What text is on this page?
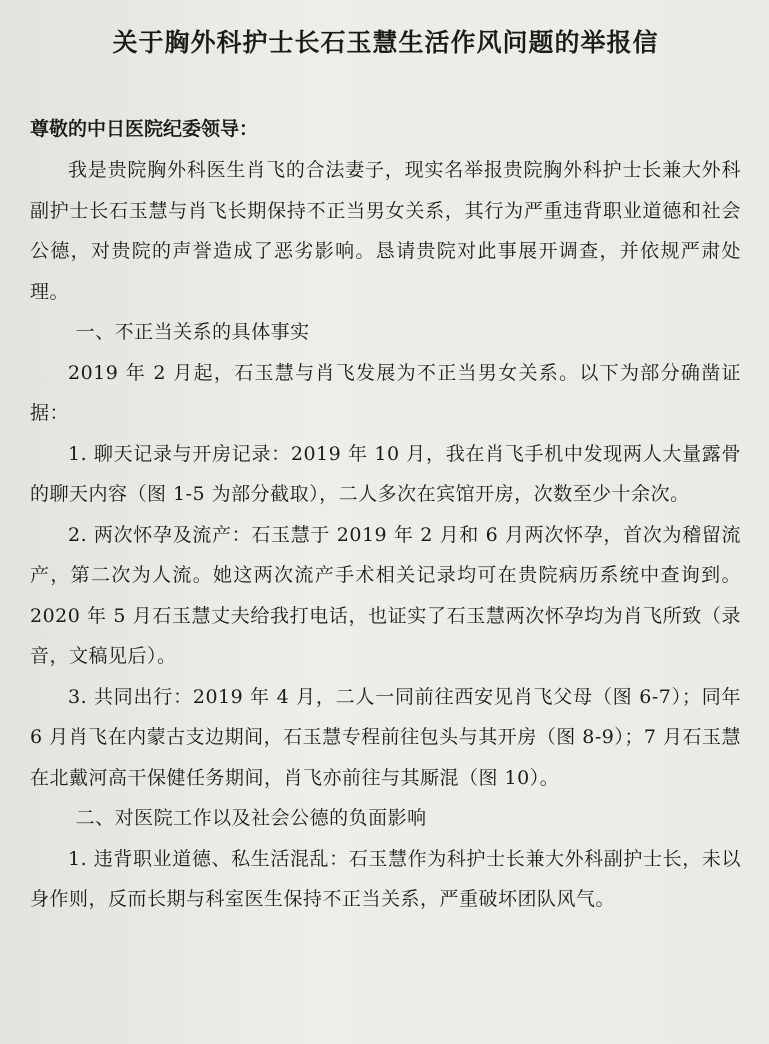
关于胸外科护士长石玉慧生活作风问题的举报信

尊敬的中日医院纪委领导：

我是贵院胸外科医生肖飞的合法妻子，现实名举报贵院胸外科护士长兼大外科副护士长石玉慧与肖飞长期保持不正当男女关系，其行为严重违背职业道德和社会公德，对贵院的声誉造成了恶劣影响。恳请贵院对此事展开调查，并依规严肃处理。

一、不正当关系的具体事实

2019 年 2 月起，石玉慧与肖飞发展为不正当男女关系。以下为部分确凿证据：

1. 聊天记录与开房记录：2019 年 10 月，我在肖飞手机中发现两人大量露骨的聊天内容（图 1-5 为部分截取），二人多次在宾馆开房，次数至少十余次。

2. 两次怀孕及流产：石玉慧于 2019 年 2 月和 6 月两次怀孕，首次为稽留流产，第二次为人流。她这两次流产手术相关记录均可在贵院病历系统中查询到。2020 年 5 月石玉慧丈夫给我打电话，也证实了石玉慧两次怀孕均为肖飞所致（录音，文稿见后）。

3. 共同出行：2019 年 4 月，二人一同前往西安见肖飞父母（图 6-7）；同年 6 月肖飞在内蒙古支边期间，石玉慧专程前往包头与其开房（图 8-9）；7 月石玉慧在北戴河高干保健任务期间，肖飞亦前往与其厮混（图 10）。

二、对医院工作以及社会公德的负面影响

1. 违背职业道德、私生活混乱：石玉慧作为科护士长兼大外科副护士长，未以身作则，反而长期与科室医生保持不正当关系，严重破坏团队风气。
